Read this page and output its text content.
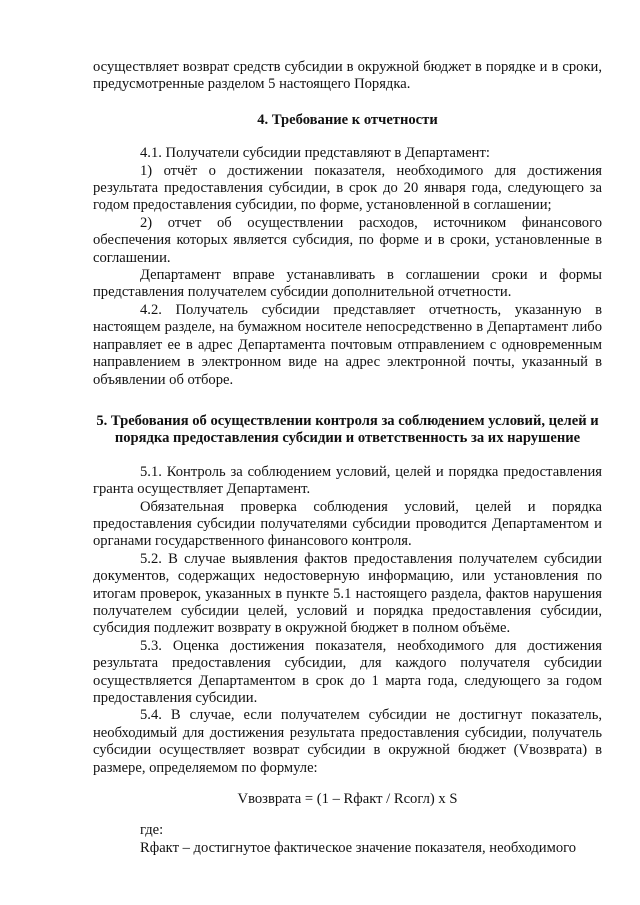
осуществляет возврат средств субсидии в окружной бюджет в порядке и в сроки, предусмотренные разделом 5 настоящего Порядка.

4. Требование к отчетности

4.1. Получатели субсидии представляют в Департамент:

1) отчёт о достижении показателя, необходимого для достижения результата предоставления субсидии, в срок до 20 января года, следующего за годом предоставления субсидии, по форме, установленной в соглашении;

2) отчет об осуществлении расходов, источником финансового обеспечения которых является субсидия, по форме и в сроки, установленные в соглашении.

Департамент вправе устанавливать в соглашении сроки и формы представления получателем субсидии дополнительной отчетности.

4.2. Получатель субсидии представляет отчетность, указанную в настоящем разделе, на бумажном носителе непосредственно в Департамент либо направляет ее в адрес Департамента почтовым отправлением с одновременным направлением в электронном виде на адрес электронной почты, указанный в объявлении об отборе.

5. Требования об осуществлении контроля за соблюдением условий, целей и порядка предоставления субсидии и ответственность за их нарушение

5.1. Контроль за соблюдением условий, целей и порядка предоставления гранта осуществляет Департамент.

Обязательная проверка соблюдения условий, целей и порядка предоставления субсидии получателями субсидии проводится Департаментом и органами государственного финансового контроля.

5.2. В случае выявления фактов предоставления получателем субсидии документов, содержащих недостоверную информацию, или установления по итогам проверок, указанных в пункте 5.1 настоящего раздела, фактов нарушения получателем субсидии целей, условий и порядка предоставления субсидии, субсидия подлежит возврату в окружной бюджет в полном объёме.

5.3. Оценка достижения показателя, необходимого для достижения результата предоставления субсидии, для каждого получателя субсидии осуществляется Департаментом в срок до 1 марта года, следующего за годом предоставления субсидии.

5.4. В случае, если получателем субсидии не достигнут показатель, необходимый для достижения результата предоставления субсидии, получатель субсидии осуществляет возврат субсидии в окружной бюджет (Vвозврата) в размере, определяемом по формуле:

Vвозврата = (1 – Rфакт / Rсогл) х S

где:

Rфакт – достигнутое фактическое значение показателя, необходимого
